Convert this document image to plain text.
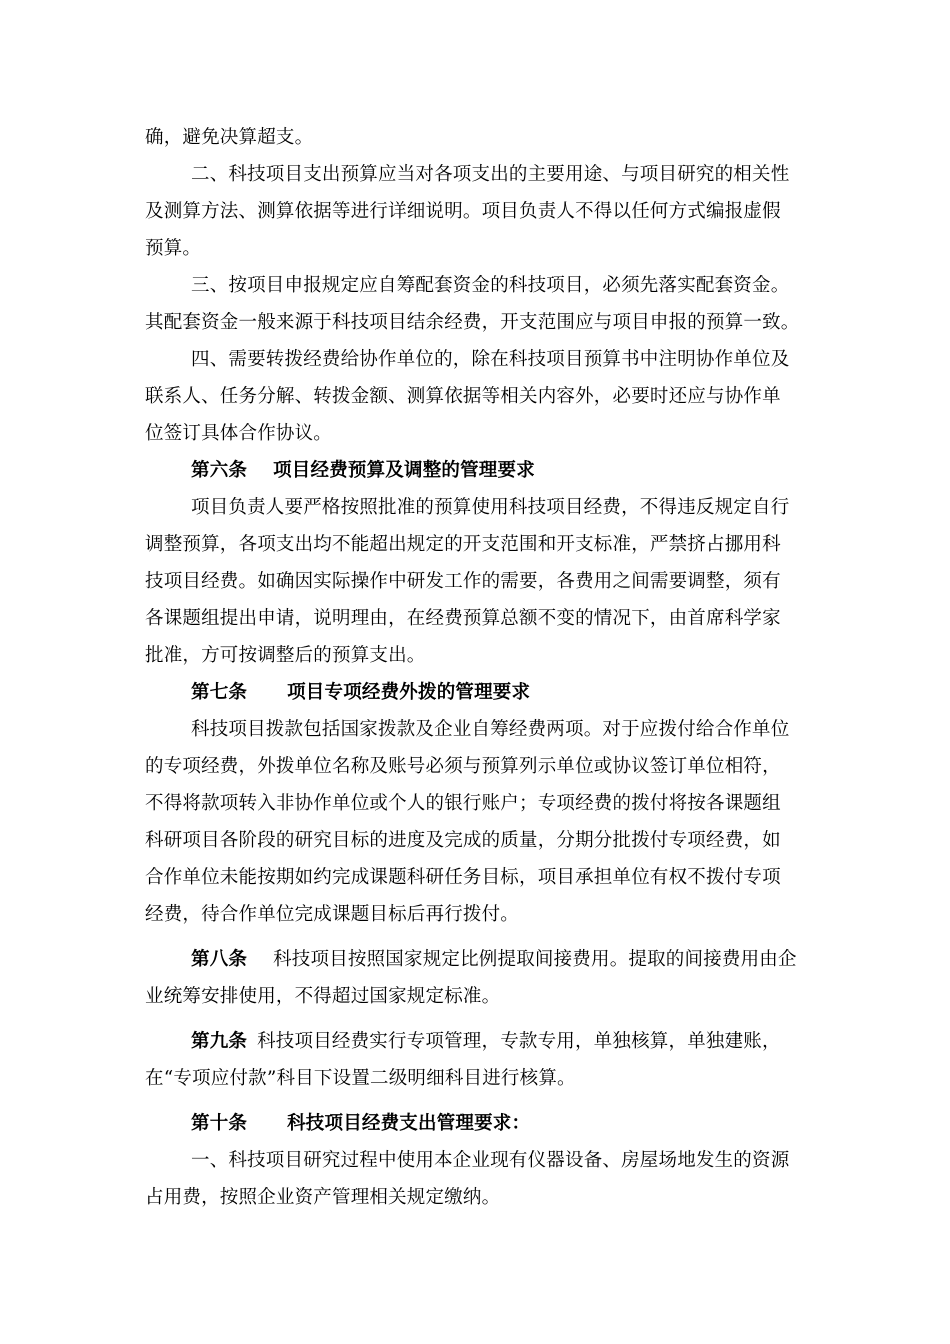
确，避免决算超支。
二、科技项目支出预算应当对各项支出的主要用途、与项目研究的相关性
及测算方法、测算依据等进行详细说明。项目负责人不得以任何方式编报虚假
预算。
三、按项目申报规定应自筹配套资金的科技项目，必须先落实配套资金。
其配套资金一般来源于科技项目结余经费，开支范围应与项目申报的预算一致。
四、需要转拨经费给协作单位的，除在科技项目预算书中注明协作单位及
联系人、任务分解、转拨金额、测算依据等相关内容外，必要时还应与协作单
位签订具体合作协议。
第六条 项目经费预算及调整的管理要求
项目负责人要严格按照批准的预算使用科技项目经费，不得违反规定自行
调整预算，各项支出均不能超出规定的开支范围和开支标准，严禁挤占挪用科
技项目经费。如确因实际操作中研发工作的需要，各费用之间需要调整，须有
各课题组提出申请，说明理由，在经费预算总额不变的情况下，由首席科学家
批准，方可按调整后的预算支出。
第七条 项目专项经费外拨的管理要求
科技项目拨款包括国家拨款及企业自筹经费两项。对于应拨付给合作单位
的专项经费，外拨单位名称及账号必须与预算列示单位或协议签订单位相符，
不得将款项转入非协作单位或个人的银行账户；专项经费的拨付将按各课题组
科研项目各阶段的研究目标的进度及完成的质量，分期分批拨付专项经费，如
合作单位未能按期如约完成课题科研任务目标，项目承担单位有权不拨付专项
经费，待合作单位完成课题目标后再行拨付。
第八条 科技项目按照国家规定比例提取间接费用。提取的间接费用由企
业统筹安排使用，不得超过国家规定标准。
第九条 科技项目经费实行专项管理，专款专用，单独核算，单独建账，
在“专项应付款”科目下设置二级明细科目进行核算。
第十条 科技项目经费支出管理要求：
一、科技项目研究过程中使用本企业现有仪器设备、房屋场地发生的资源
占用费，按照企业资产管理相关规定缴纳。
